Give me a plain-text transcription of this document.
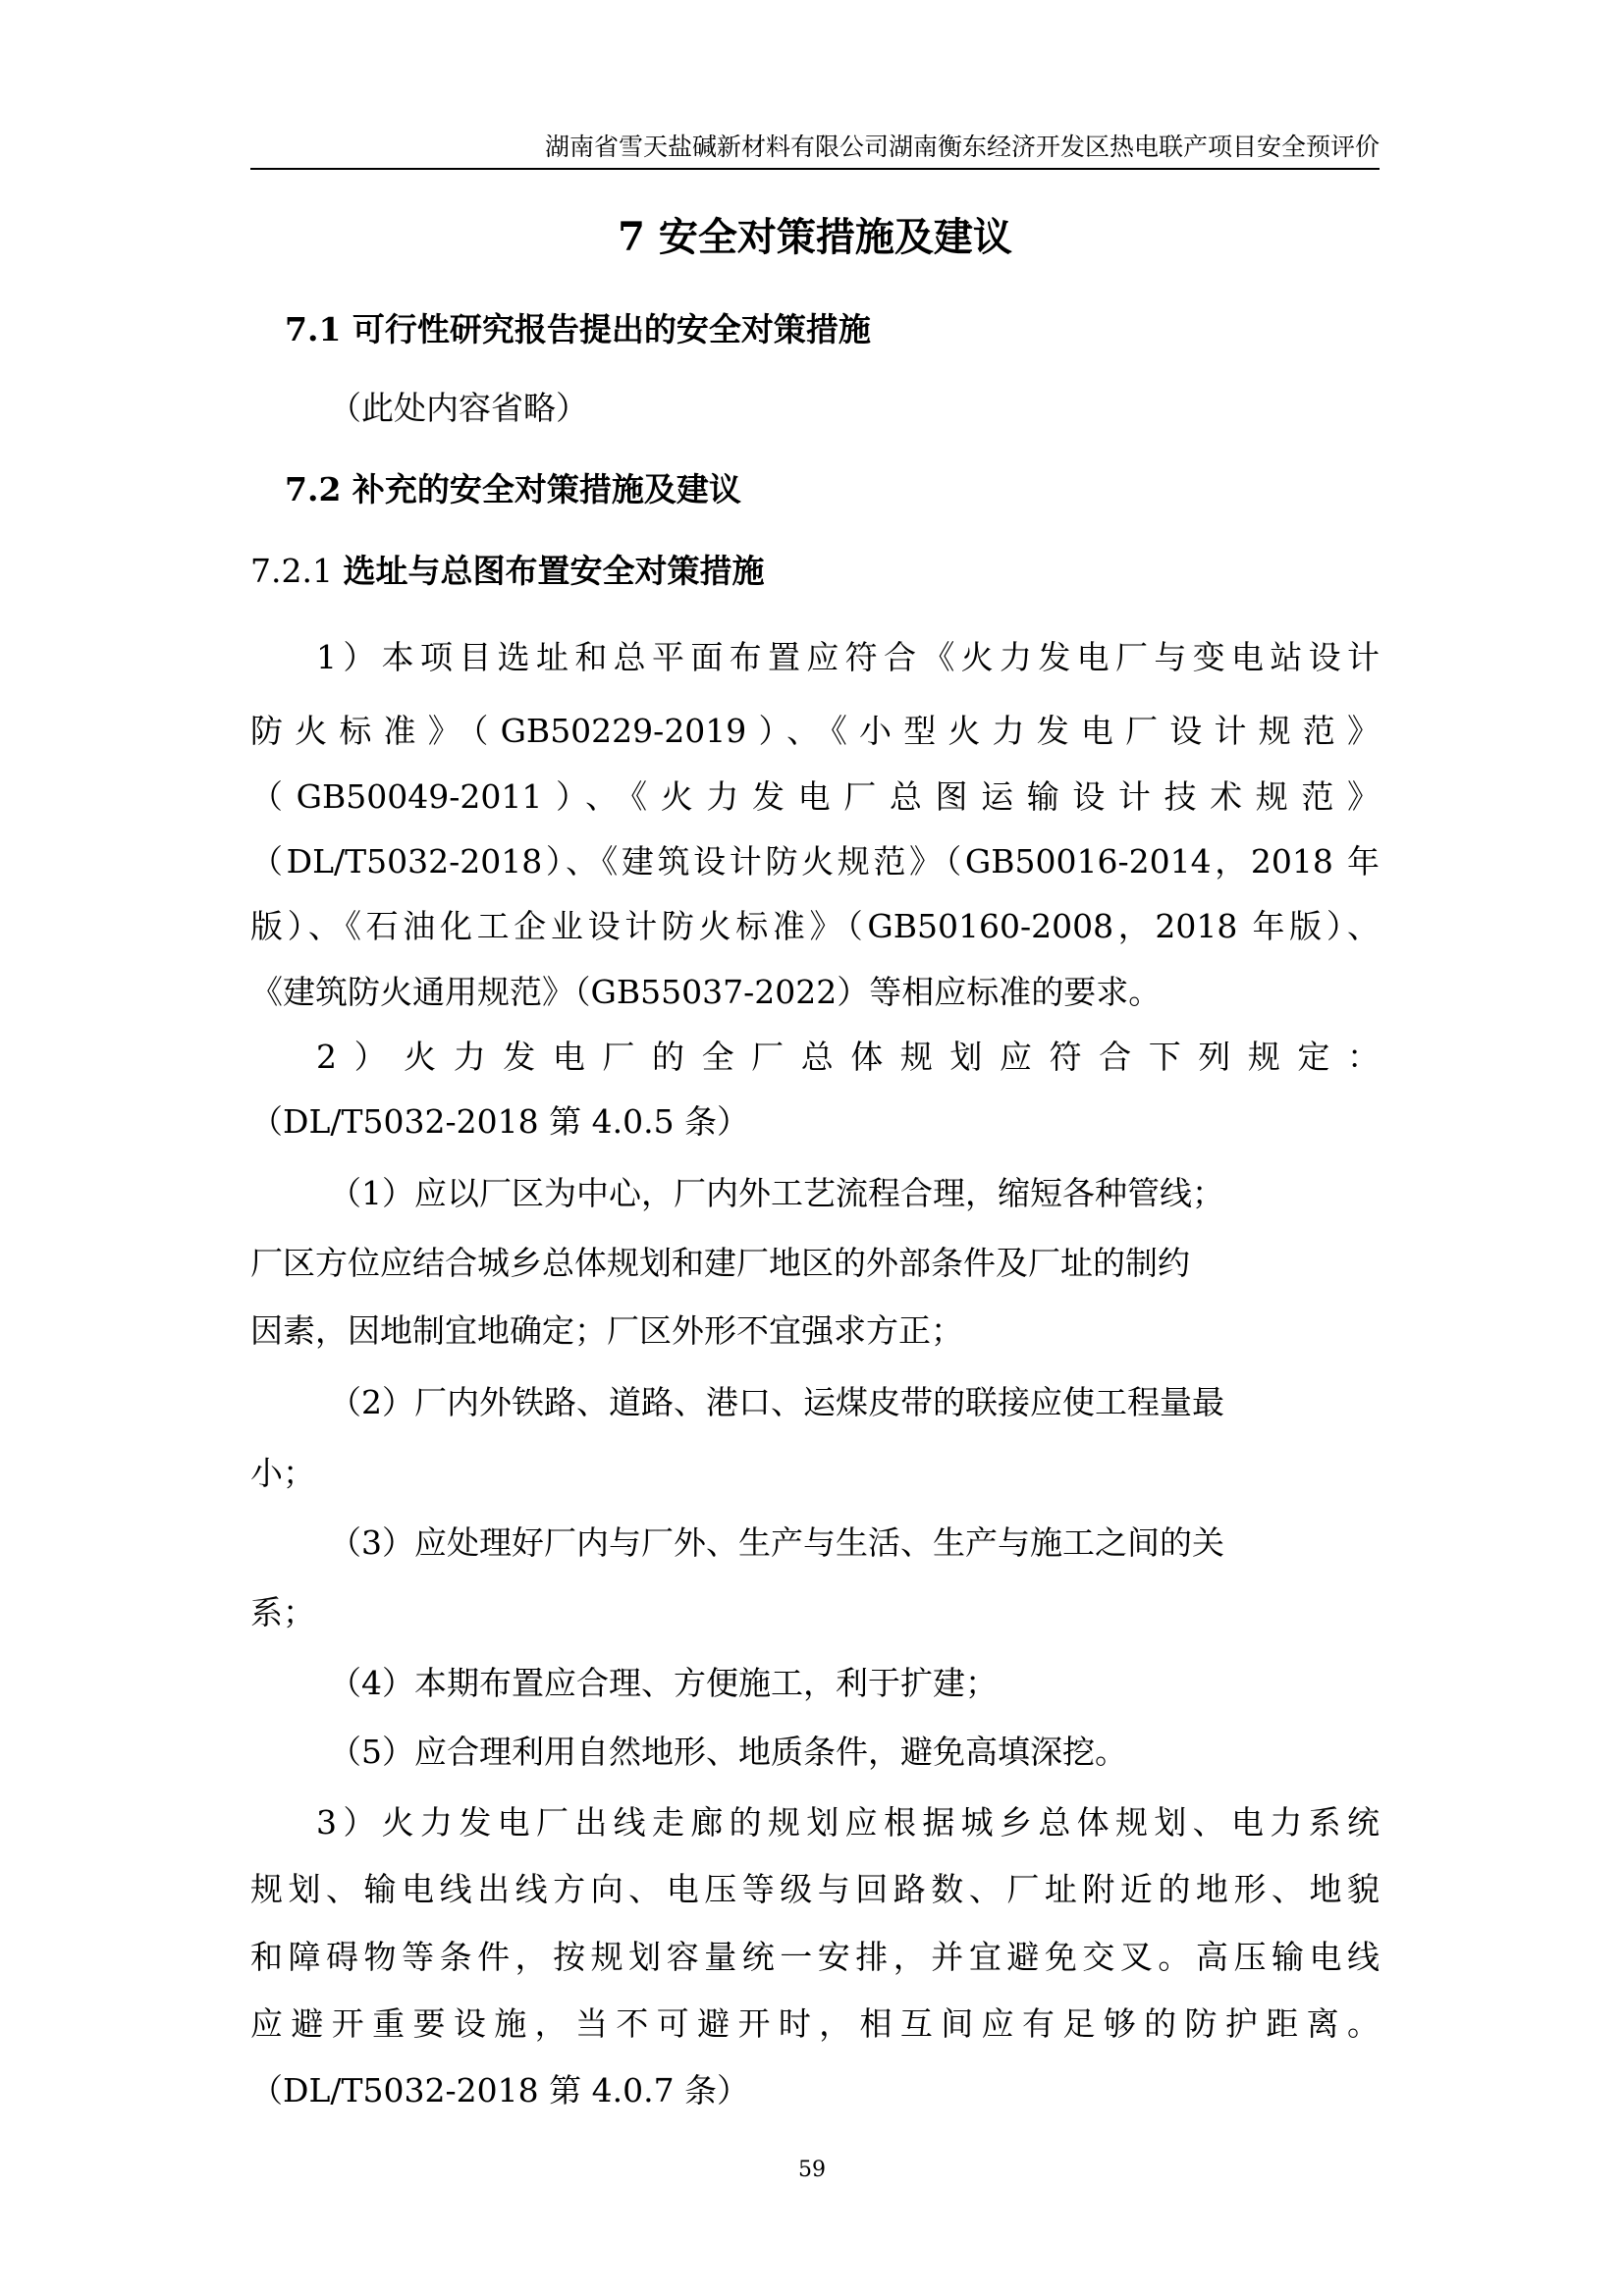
湖南省雪天盐碱新材料有限公司湖南衡东经济开发区热电联产项目安全预评价
7 安全对策措施及建议
7.1 可行性研究报告提出的安全对策措施
（此处内容省略）
7.2 补充的安全对策措施及建议
7.2.1 选址与总图布置安全对策措施
1）本项目选址和总平面布置应符合《火力发电厂与变电站设计
防火标准》（GB50229-2019）、《小型火力发电厂设计规范》
（GB50049-2011）、《火力发电厂总图运输设计技术规范》
（DL/T5032-2018）、《建筑设计防火规范》（GB50016-2014，2018 年
版）、《石油化工企业设计防火标准》（GB50160-2008，2018 年版）、
《建筑防火通用规范》（GB55037-2022）等相应标准的要求。
2）火力发电厂的全厂总体规划应符合下列规定：
（DL/T5032-2018 第 4.0.5 条）
（1）应以厂区为中心，厂内外工艺流程合理，缩短各种管线；
厂区方位应结合城乡总体规划和建厂地区的外部条件及厂址的制约
因素，因地制宜地确定；厂区外形不宜强求方正；
（2）厂内外铁路、道路、港口、运煤皮带的联接应使工程量最
小；
（3）应处理好厂内与厂外、生产与生活、生产与施工之间的关
系；
（4）本期布置应合理、方便施工，利于扩建；
（5）应合理利用自然地形、地质条件，避免高填深挖。
3）火力发电厂出线走廊的规划应根据城乡总体规划、电力系统
规划、输电线出线方向、电压等级与回路数、厂址附近的地形、地貌
和障碍物等条件，按规划容量统一安排，并宜避免交叉。高压输电线
应避开重要设施，当不可避开时，相互间应有足够的防护距离。
（DL/T5032-2018 第 4.0.7 条）
59
